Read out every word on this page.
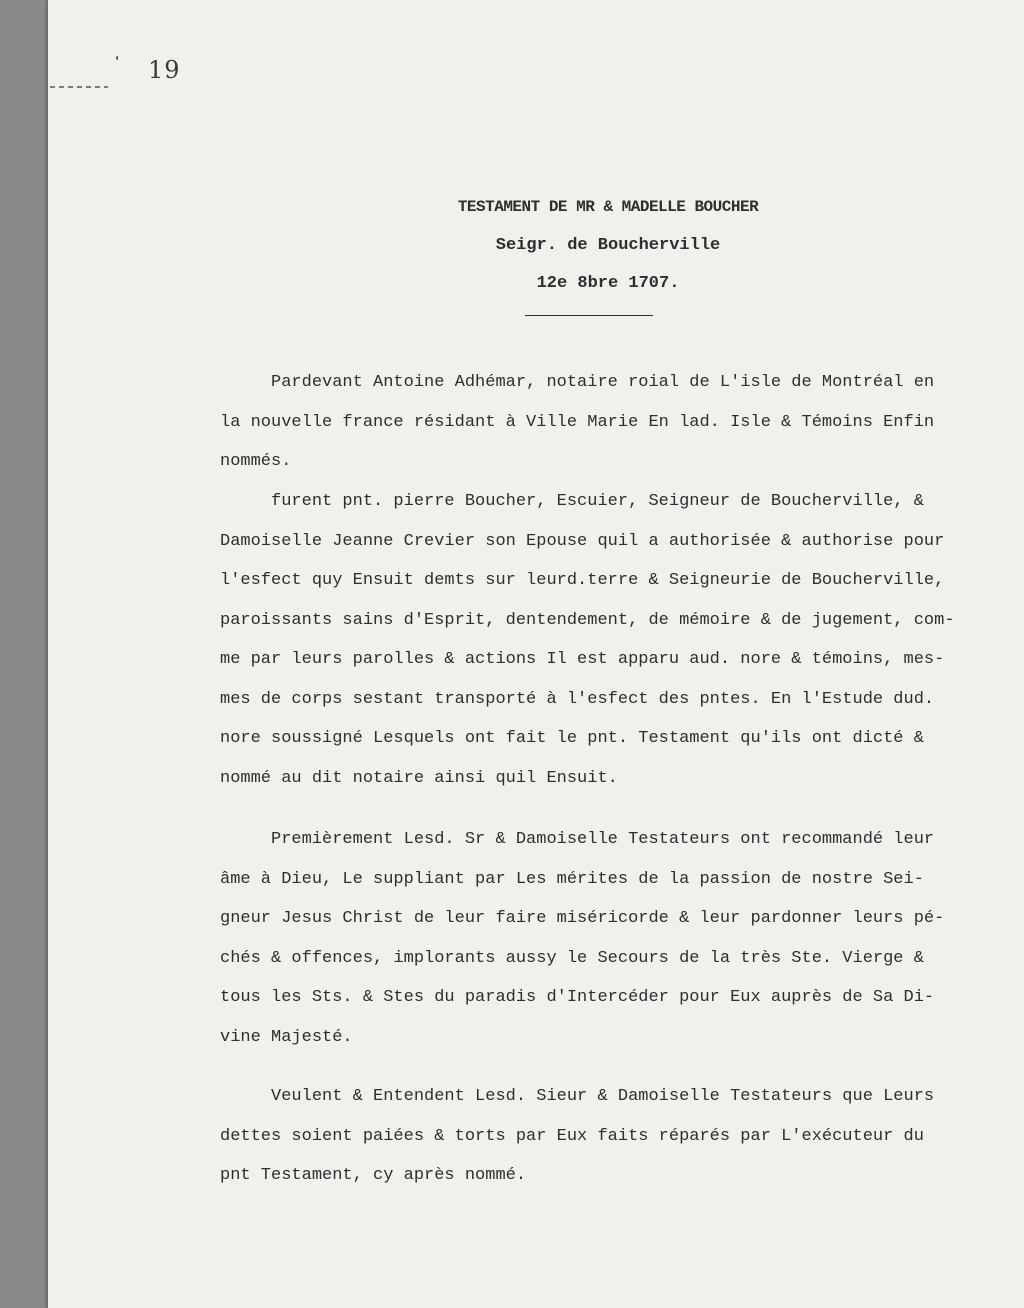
19
TESTAMENT DE MR & MADELLE BOUCHER
Seigr. de Boucherville
12e 8bre 1707.
Pardevant Antoine Adhémar, notaire roial de L'isle de Montréal en
la nouvelle france résidant à Ville Marie En lad. Isle & Témoins Enfin
nommés.
furent pnt. pierre Boucher, Escuier, Seigneur de Boucherville, &
Damoiselle Jeanne Crevier son Epouse quil a authorisée & authorise pour
l'esfect quy Ensuit demts sur leurd.terre & Seigneurie de Boucherville,
paroissants sains d'Esprit, dentendement, de mémoire & de jugement, com-
me par leurs parolles & actions Il est apparu aud. nore & témoins, mes-
mes de corps sestant transporté à l'esfect des pntes. En l'Estude dud.
nore soussigné Lesquels ont fait le pnt. Testament qu'ils ont dicté &
nommé au dit notaire ainsi quil Ensuit.
Premièrement Lesd. Sr & Damoiselle Testateurs ont recommandé leur
âme à Dieu, Le suppliant par Les mérites de la passion de nostre Sei-
gneur Jesus Christ de leur faire miséricorde & leur pardonner leurs pé-
chés & offences, implorants aussy le Secours de la très Ste. Vierge &
tous les Sts. & Stes du paradis d'Intercéder pour Eux auprès de Sa Di-
vine Majesté.
Veulent & Entendent Lesd. Sieur & Damoiselle Testateurs que Leurs
dettes soient paiées & torts par Eux faits réparés par L'exécuteur du
pnt Testament, cy après nommé.
